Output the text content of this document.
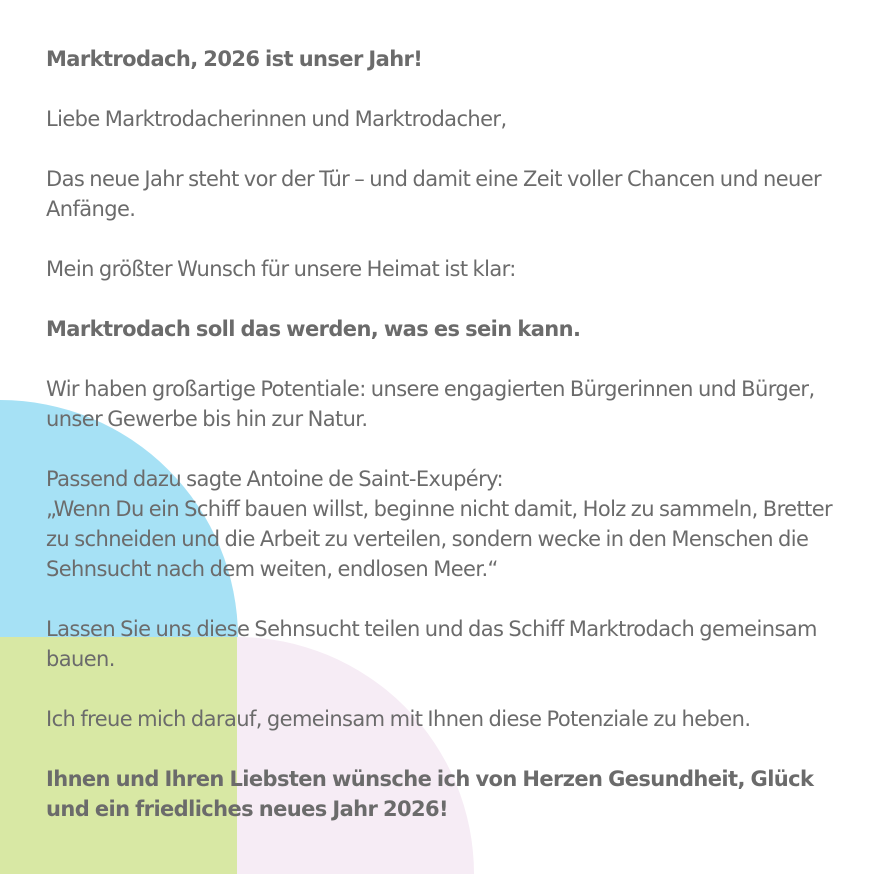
Marktrodach, 2026 ist unser Jahr!

Liebe Marktrodacherinnen und Marktrodacher,

Das neue Jahr steht vor der Tür – und damit eine Zeit voller Chancen und neuer Anfänge.

Mein größter Wunsch für unsere Heimat ist klar:

Marktrodach soll das werden, was es sein kann.

Wir haben großartige Potentiale: unsere engagierten Bürgerinnen und Bürger, unser Gewerbe bis hin zur Natur.

Passend dazu sagte Antoine de Saint-Exupéry:
„Wenn Du ein Schiff bauen willst, beginne nicht damit, Holz zu sammeln, Bretter zu schneiden und die Arbeit zu verteilen, sondern wecke in den Menschen die Sehnsucht nach dem weiten, endlosen Meer.“

Lassen Sie uns diese Sehnsucht teilen und das Schiff Marktrodach gemeinsam bauen.

Ich freue mich darauf, gemeinsam mit Ihnen diese Potenziale zu heben.

Ihnen und Ihren Liebsten wünsche ich von Herzen Gesundheit, Glück und ein friedliches neues Jahr 2026!
